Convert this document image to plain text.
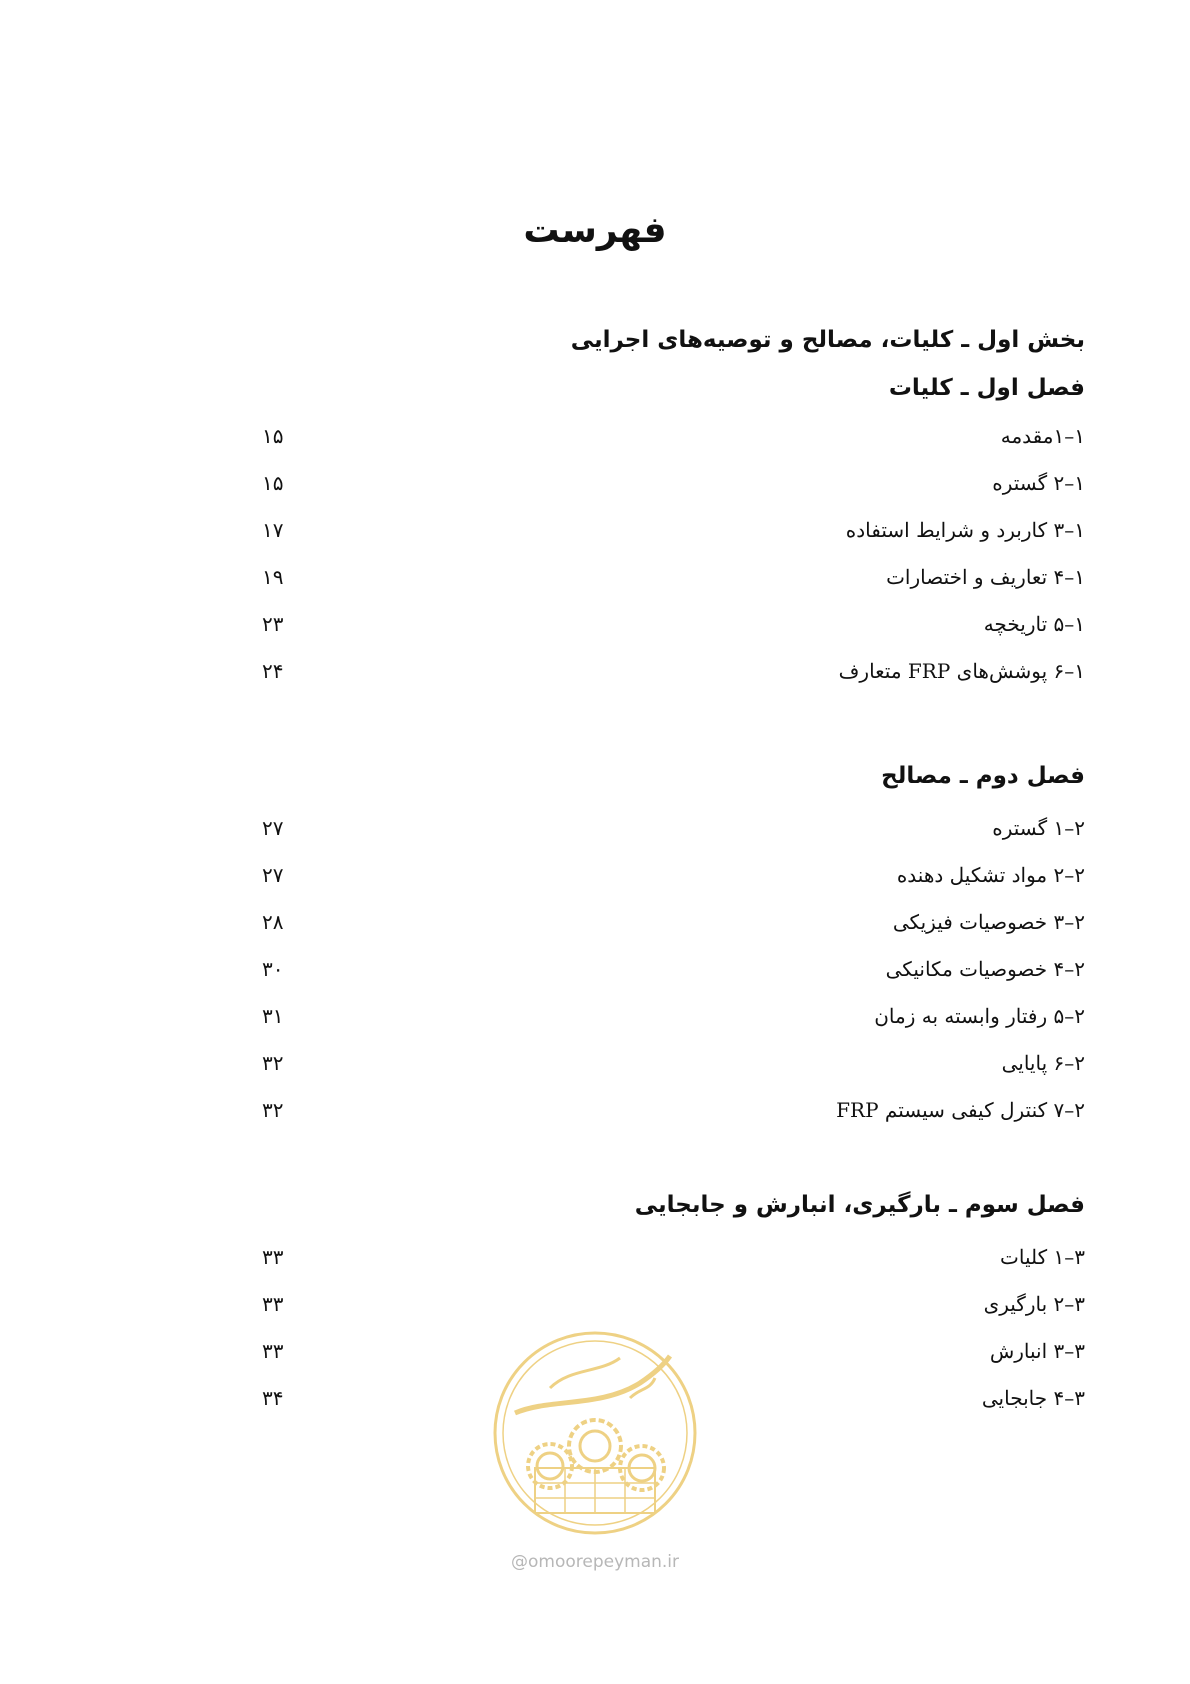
فهرست
بخش اول ـ کلیات، مصالح و توصیه‌های اجرایی
فصل اول ـ کلیات
۱–۱مقدمه
۱۵
۱–۲ گستره
۱۵
۱–۳ کاربرد و شرایط استفاده
۱۷
۱–۴ تعاریف و اختصارات
۱۹
۱–۵ تاریخچه
۲۳
۱–۶ پوشش‌های FRP متعارف
۲۴
فصل دوم ـ مصالح
۲–۱ گستره
۲۷
۲–۲ مواد تشکیل دهنده
۲۷
۲–۳ خصوصیات فیزیکی
۲۸
۲–۴ خصوصیات مکانیکی
۳۰
۲–۵ رفتار وابسته به زمان
۳۱
۲–۶ پایایی
۳۲
۲–۷ کنترل کیفی سیستم FRP
۳۲
فصل سوم ـ بارگیری، انبارش و جابجایی
۳–۱ کلیات
۳۳
۳–۲ بارگیری
۳۳
۳–۳ انبارش
۳۳
۳–۴ جابجایی
۳۴
@omoorepeyman.ir
